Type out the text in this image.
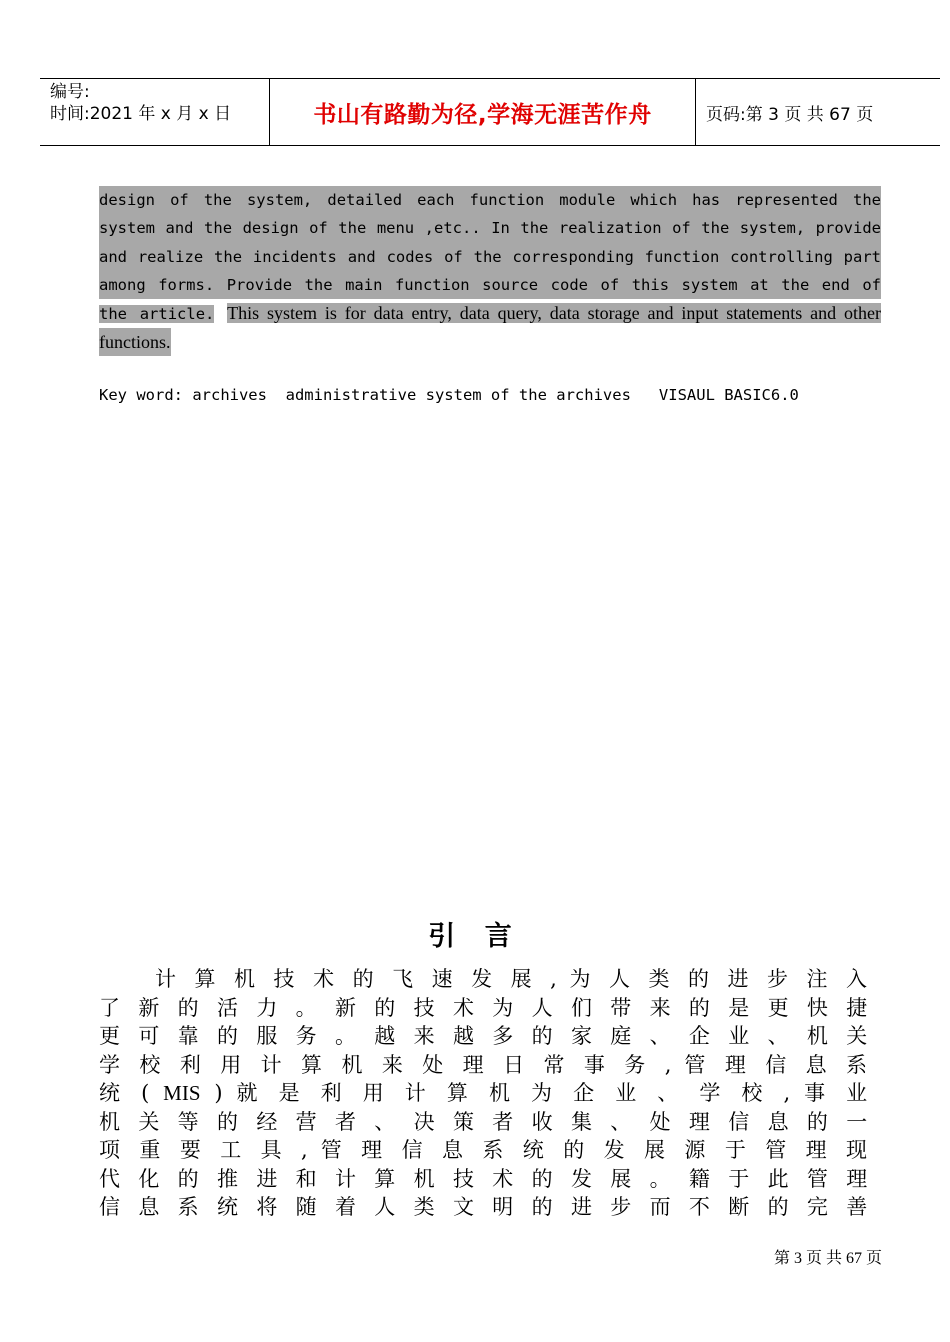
编号:
时间:2021 年 x 月 x 日	书山有路勤为径,学海无涯苦作舟	页码:第 3 页 共 67 页
design of the system, detailed each function module which has represented the
system and the design of the menu ,etc.. In the realization of the system, provide
and realize the incidents and codes of the corresponding function controlling part
among forms. Provide the main function source code of this system at the end of
the article. This system is for data entry, data query, data storage and input statements and other
functions.
Key word: archives  administrative system of the archives   VISAUL BASIC6.0
引 言
计 算 机 技 术 的 飞 速 发 展 , 为 人 类 的 进 步 注 入
了 新 的 活 力 。 新 的 技 术 为 人 们 带 来 的 是 更 快 捷
更 可 靠 的 服 务 。 越 来 越 多 的 家 庭 、 企 业 、 机 关
学 校 利 用 计 算 机 来 处 理 日 常 事 务 , 管 理 信 息 系
统 ( MIS ) 就 是 利 用 计 算 机 为 企 业 、 学 校 , 事 业
机 关 等 的 经 营 者 、 决 策 者 收 集 、 处 理 信 息 的 一
项 重 要 工 具 , 管 理 信 息 系 统 的 发 展 源 于 管 理 现
代 化 的 推 进 和 计 算 机 技 术 的 发 展 。 籍 于 此 管 理
信 息 系 统 将 随 着 人 类 文 明 的 进 步 而 不 断 的 完 善
第 3 页 共 67 页
